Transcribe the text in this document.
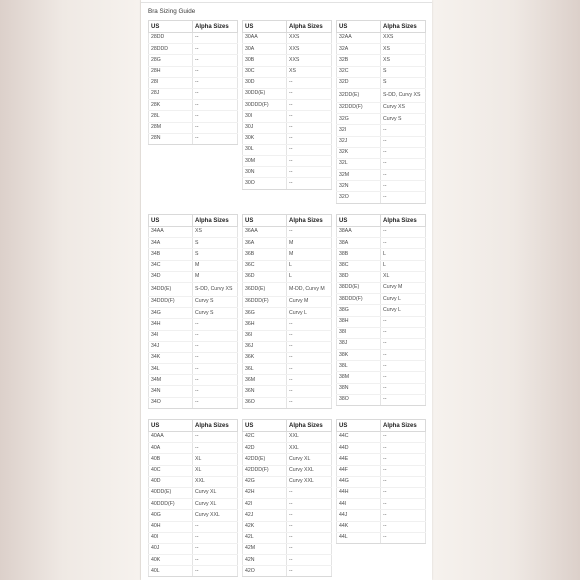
Bra Sizing Guide
US	Alpha Sizes
28DD	--
28DDD	--
28G	--
28H	--
28I	--
28J	--
28K	--
28L	--
28M	--
28N	--
US	Alpha Sizes
30AA	XXS
30A	XXS
30B	XXS
30C	XS
30D	--
30DD(E)	--
30DDD(F)	--
30I	--
30J	--
30K	--
30L	--
30M	--
30N	--
30O	--
US	Alpha Sizes
32AA	XXS
32A	XS
32B	XS
32C	S
32D	S
32DD(E)	S-DD, Curvy XS
32DDD(F)	Curvy XS
32G	Curvy S
32I	--
32J	--
32K	--
32L	--
32M	--
32N	--
32O	--
US	Alpha Sizes
34AA	XS
34A	S
34B	S
34C	M
34D	M
34DD(E)	S-DD, Curvy XS
34DDD(F)	Curvy S
34G	Curvy S
34H	--
34I	--
34J	--
34K	--
34L	--
34M	--
34N	--
34O	--
US	Alpha Sizes
36AA	--
36A	M
36B	M
36C	L
36D	L
36DD(E)	M-DD, Curvy M
36DDD(F)	Curvy M
36G	Curvy L
36H	--
36I	--
36J	--
36K	--
36L	--
36M	--
36N	--
36O	--
US	Alpha Sizes
38AA	--
38A	--
38B	L
38C	L
38D	XL
38DD(E)	Curvy M
38DDD(F)	Curvy L
38G	Curvy L
38H	--
38I	--
38J	--
38K	--
38L	--
38M	--
38N	--
38O	--
US	Alpha Sizes
40AA	--
40A	--
40B	XL
40C	XL
40D	XXL
40DD(E)	Curvy XL
40DDD(F)	Curvy XL
40G	Curvy XXL
40H	--
40I	--
40J	--
40K	--
40L	--
US	Alpha Sizes
42C	XXL
42D	XXL
42DD(E)	Curvy XL
42DDD(F)	Curvy XXL
42G	Curvy XXL
42H	--
42I	--
42J	--
42K	--
42L	--
42M	--
42N	--
42O	--
US	Alpha Sizes
44C	--
44D	--
44E	--
44F	--
44G	--
44H	--
44I	--
44J	--
44K	--
44L	--
